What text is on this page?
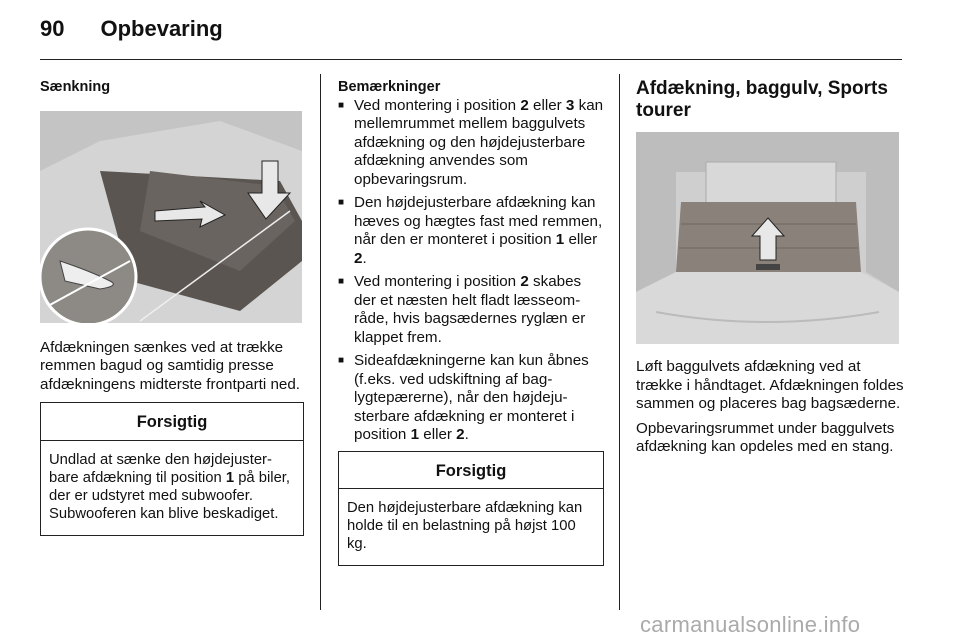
90 Opbevaring

Sænkning

Afdækningen sænkes ved at trække remmen bagud og samtidig presse afdækningens midterste frontparti ned.

Forsigtig
Undlad at sænke den højdejusterbare afdækning til position 1 på biler, der er udstyret med subwoofer. Subwooferen kan blive beskadiget.

Bemærkninger

■ Ved montering i position 2 eller 3 kan mellemrummet mellem baggulvets afdækning og den højdejusterbare afdækning anvendes som opbevaringsrum.
■ Den højdejusterbare afdækning kan hæves og hægtes fast med remmen, når den er monteret i position 1 eller 2.
■ Ved montering i position 2 skabes der et næsten helt fladt læsseområde, hvis bagsædernes ryglæn er klappet frem.
■ Sideafdækningerne kan kun åbnes (f.eks. ved udskiftning af baglygtepærerne), når den højdejusterbare afdækning er monteret i position 1 eller 2.
Forsigtig
Den højdejusterbare afdækning kan holde til en belastning på højst 100 kg.

Afdækning, baggulv, Sports tourer

Løft baggulvets afdækning ved at trække i håndtaget. Afdækningen foldes sammen og placeres bag bagsæderne.

Opbevaringsrummet under baggulvets afdækning kan opdeles med en stang.

carmanualsonline.info
